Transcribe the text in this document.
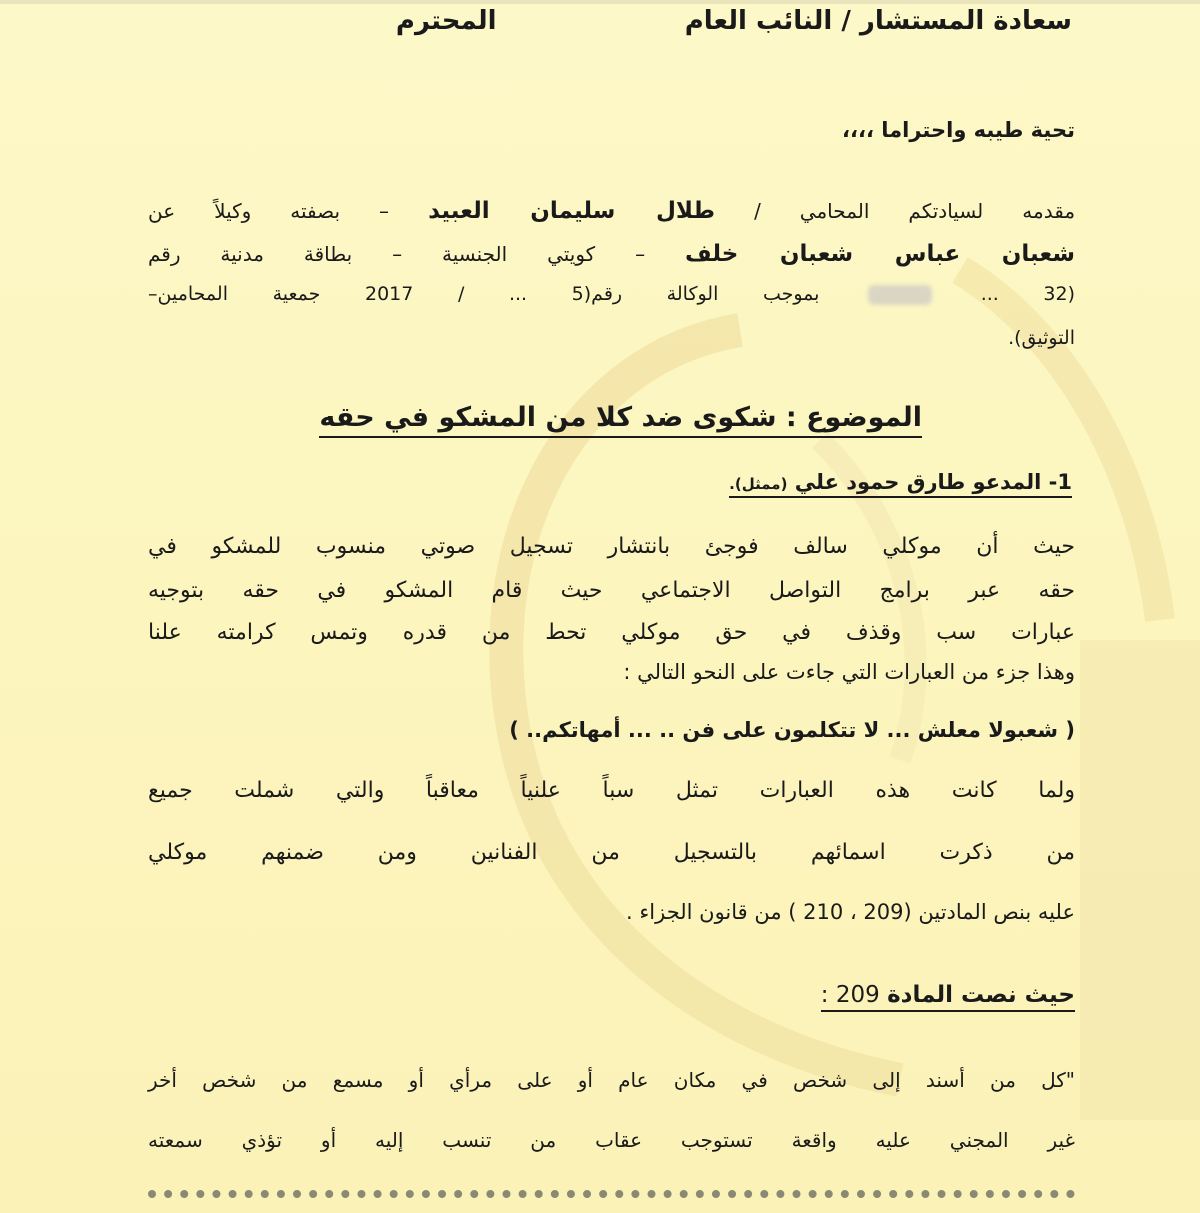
سعادة المستشار / النائب العام  المحترم
تحية طيبه واحتراما ،،،،
مقدمه لسيادتكم المحامي / طلال سليمان العبيد – بصفته وكيلاً عن
شعبان عباس شعبان خلف – كويتي الجنسية – بطاقة مدنية رقم
(32 ...  بموجب الوكالة رقم(5 ... / 2017 جمعية المحامين–
التوثيق).
الموضوع : شكوى ضد كلا من المشكو في حقه
1- المدعو طارق حمود علي (ممثل).
حيث أن موكلي سالف فوجئ بانتشار تسجيل صوتي منسوب للمشكو في
حقه عبر برامج التواصل الاجتماعي حيث قام المشكو في حقه بتوجيه
عبارات سب وقذف في حق موكلي تحط من قدره وتمس كرامته علنا
وهذا جزء من العبارات التي جاءت على النحو التالي :
( شعبولا معلش ... لا تتكلمون على فن .. ... أمهاتكم.. )
ولما كانت هذه العبارات تمثل سباً علنياً معاقباً والتي شملت جميع
من ذكرت اسمائهم بالتسجيل من الفنانين ومن ضمنهم موكلي
عليه بنص المادتين (209 ، 210 ) من قانون الجزاء .
حيث نصت المادة 209 :
"كل من أسند إلى شخص في مكان عام أو على مرأي أو مسمع من شخص أخر
غير المجني عليه واقعة تستوجب عقاب من تنسب إليه أو تؤذي سمعته
